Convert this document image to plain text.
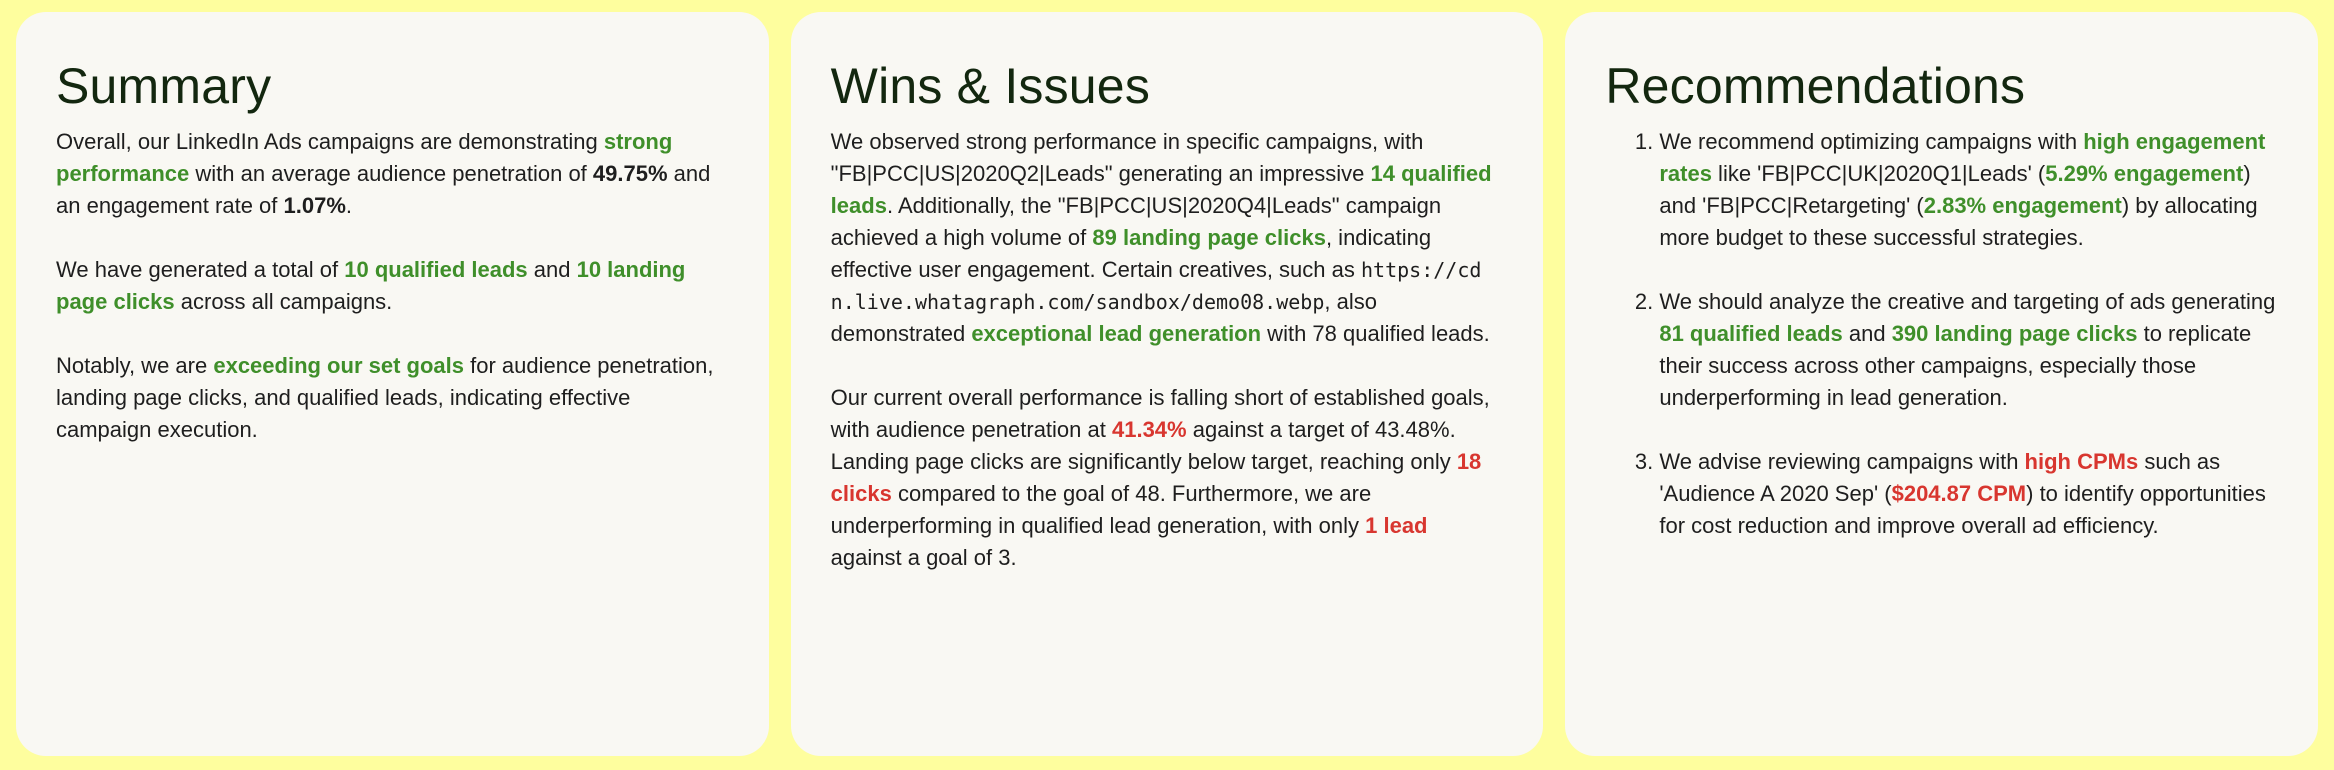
Summary

Overall, our LinkedIn Ads campaigns are demonstrating strong performance with an average audience penetration of 49.75% and an engagement rate of 1.07%.

We have generated a total of 10 qualified leads and 10 landing page clicks across all campaigns.

Notably, we are exceeding our set goals for audience penetration, landing page clicks, and qualified leads, indicating effective campaign execution.

Wins & Issues

We observed strong performance in specific campaigns, with "FB|PCC|US|2020Q2|Leads" generating an impressive 14 qualified leads. Additionally, the "FB|PCC|US|2020Q4|Leads" campaign achieved a high volume of 89 landing page clicks, indicating effective user engagement. Certain creatives, such as https://cdn.live.whatagraph.com/sandbox/demo08.webp, also demonstrated exceptional lead generation with 78 qualified leads.

Our current overall performance is falling short of established goals, with audience penetration at 41.34% against a target of 43.48%. Landing page clicks are significantly below target, reaching only 18 clicks compared to the goal of 48. Furthermore, we are underperforming in qualified lead generation, with only 1 lead against a goal of 3.

Recommendations
1. We recommend optimizing campaigns with high engagement rates like 'FB|PCC|UK|2020Q1|Leads' (5.29% engagement) and 'FB|PCC|Retargeting' (2.83% engagement) by allocating more budget to these successful strategies.
2. We should analyze the creative and targeting of ads generating 81 qualified leads and 390 landing page clicks to replicate their success across other campaigns, especially those underperforming in lead generation.
3. We advise reviewing campaigns with high CPMs such as 'Audience A 2020 Sep' ($204.87 CPM) to identify opportunities for cost reduction and improve overall ad efficiency.
